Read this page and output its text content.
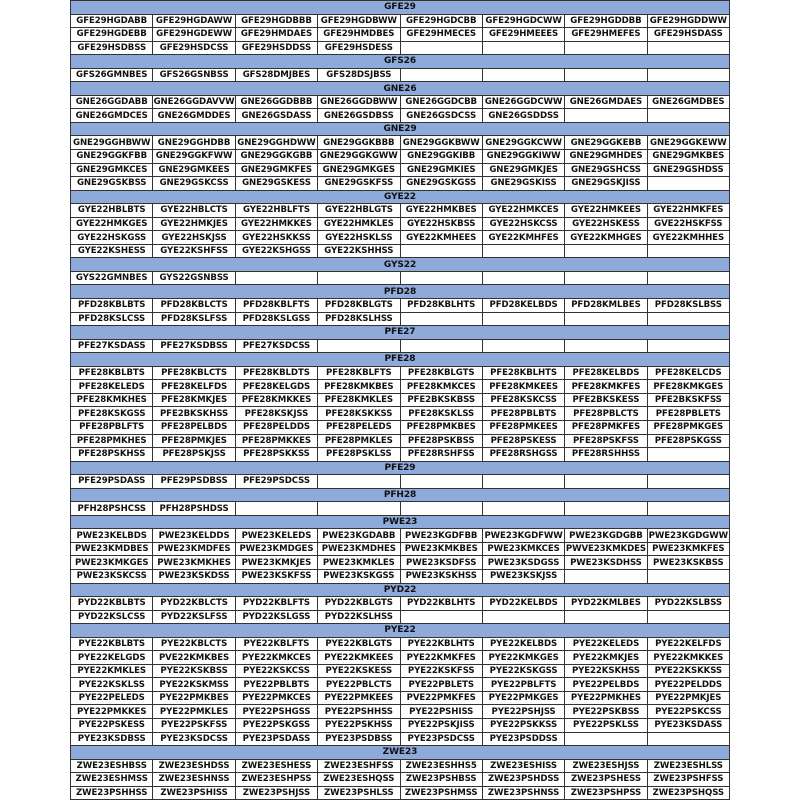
GFE29							
GFE29HGDABB	GFE29HGDAWW	GFE29HGDBBB	GFE29HGDBWW	GFE29HGDCBB	GFE29HGDCWW	GFE29HGDDBB	GFE29HGDDWW
GFE29HGDEBB	GFE29HGDEWW	GFE29HMDAES	GFE29HMDBES	GFE29HMECES	GFE29HMEEES	GFE29HMEFES	GFE29HSDASS
GFE29HSDBSS	GFE29HSDCSS	GFE29HSDDSS	GFE29HSDESS				
GFS26							
GFS26GMNBES	GFS26GSNBSS	GFS28DMJBES	GFS28DSJBSS				
GNE26							
GNE26GGDABB	GNE26GGDAVVW	GNE26GGDBBB	GNE26GGDBWW	GNE26GGDCBB	GNE26GGDCWW	GNE26GMDAES	GNE26GMDBES
GNE26GMDCES	GNE26GMDDES	GNE26GSDASS	GNE26GSDBSS	GNE26GSDCSS	GNE26GSDDSS		
GNE29							
GNE29GGHBWW	GNE29GGHDBB	GNE29GGHDWW	GNE29GGKBBB	GNE29GGKBWW	GNE29GGKCWW	GNE29GGKEBB	GNE29GGKEWW
GNE29GGKFBB	GNE29GGKFWW	GNE29GGKGBB	GNE29GGKGWW	GNE29GGKIBB	GNE29GGKIWW	GNE29GMHDES	GNE29GMKBES
GNE29GMKCES	GNE29GMKEES	GNE29GMKFES	GNE29GMKGES	GNE29GMKIES	GNE29GMKJES	GNE29GSHCSS	GNE29GSHDSS
GNE29GSKBSS	GNE29GSKCSS	GNE29GSKESS	GNE29GSKFSS	GNE29GSKGSS	GNE29GSKISS	GNE29GSKJISS	
GYE22							
GYE22HBLBTS	GYE22HBLCTS	GYE22HBLFTS	GYE22HBLGTS	GYE22HMKBES	GYE22HMKCES	GYE22HMKEES	GYE22HMKFES
GYE22HMKGES	GYE22HMKJES	GYE22HMKKES	GYE22HMKLES	GYE22HSKBSS	GYE22HSKCSS	GYE22HSKESS	GVE22HSKFSS
GYE22HSKGSS	GYE22HSKJSS	GYE22HSKKSS	GYE22HSKLSS	GYE22KMHEES	GYE22KMHFES	GYE22KMHGES	GYE22KMHHES
GYE22KSHESS	GYE22KSHFSS	GYE22KSHGSS	GYE22KSHHSS				
GYS22							
GYS22GMNBES	GYS22GSNBSS						
PFD28							
PFD28KBLBTS	PFD28KBLCTS	PFD28KBLFTS	PFD28KBLGTS	PFD28KBLHTS	PFD28KELBDS	PFD28KMLBES	PFD28KSLBSS
PFD28KSLCSS	PFD28KSLFSS	PFD28KSLGSS	PFD28KSLHSS				
PFE27							
PFE27KSDASS	PFE27KSDBSS	PFE27KSDCSS					
PFE28							
PFE28KBLBTS	PFE28KBLCTS	PFE28KBLDTS	PFE28KBLFTS	PFE28KBLGTS	PFE28KBLHTS	PFE28KELBDS	PFE28KELCDS
PFE28KELEDS	PFE28KELFDS	PFE28KELGDS	PFE28KMKBES	PFE28KMKCES	PFE28KMKEES	PFE28KMKFES	PFE28KMKGES
PFE28KMKHES	PFE28KMKJES	PFE28KMKKES	PFE28KMKLES	PFE2BKSKBSS	PFE28KSKCSS	PFE2BKSKESS	PFE2BKSKFSS
PFE28KSKGSS	PFE2BKSKHSS	PFE28KSKJSS	PFE28KSKKSS	PFE28KSKLSS	PFE28PBLBTS	PFE28PBLCTS	PFE28PBLETS
PFE28PBLFTS	PFE28PELBDS	PFE28PELDDS	PFE28PELEDS	PFE28PMKBES	PFE28PMKEES	PFE28PMKFES	PFE28PMKGES
PFE28PMKHES	PFE28PMKJES	PFE28PMKKES	PFE28PMKLES	PFE28PSKBSS	PFE28PSKESS	PFE28PSKFSS	PFE28PSKGSS
PFE28PSKHSS	PFE28PSKJSS	PFE28PSKKSS	PFE28PSKLSS	PFE28RSHFSS	PFE28RSHGSS	PFE28RSHHSS	
PFE29							
PFE29PSDASS	PFE29PSDBSS	PFE29PSDCSS					
PFH28							
PFH28PSHCSS	PFH28PSHDSS						
PWE23							
PWE23KELBDS	PWE23KELDDS	PWE23KELEDS	PWE23KGDABB	PWE23KGDFBB	PWE23KGDFWW	PWE23KGDGBB	PWE23KGDGWW
PWE23KMDBES	PWE23KMDFES	PWE23KMDGES	PWE23KMDHES	PWE23KMKBES	PWE23KMKCES	PWVE23KMKDES	PWE23KMKFES
PWE23KMKGES	PWE23KMKHES	PWE23KMKJES	PWE23KMKLES	PWE23KSDFSS	PWE23KSDGSS	PWE23KSDHSS	PWE23KSKBSS
PWE23KSKCSS	PWE23KSKDSS	PWE23KSKFSS	PWE23KSKGSS	PWE23KSKHSS	PWE23KSKJSS		
PYD22							
PYD22KBLBTS	PYD22KBLCTS	PYD22KBLFTS	PYD22KBLGTS	PYD22KBLHTS	PYD22KELBDS	PYD22KMLBES	PYD22KSLBSS
PYD22KSLCSS	PYD22KSLFSS	PYD22KSLGSS	PYD22KSLHSS				
PYE22							
PYE22KBLBTS	PYE22KBLCTS	PYE22KBLFTS	PYE22KBLGTS	PYE22KBLHTS	PYE22KELBDS	PYE22KELEDS	PYE22KELFDS
PYE22KELGDS	PVE22KMKBES	PYE22KMKCES	PYE22KMKEES	PYE22KMKFES	PYE22KMKGES	PYE22KMKJES	PYE22KMKKES
PYE22KMKLES	PYE22KSKBSS	PYE22KSKCSS	PYE22KSKESS	PYE22KSKFSS	PYE22KSKGSS	PYE22KSKHSS	PYE22KSKKSS
PYE22KSKLSS	PYE22KSKMSS	PYE22PBLBTS	PYE22PBLCTS	PYE22PBLETS	PYE22PBLFTS	PYE22PELBDS	PYE22PELDDS
PYE22PELEDS	PYE22PMKBES	PYE22PMKCES	PYE22PMKEES	PVE22PMKFES	PYE22PMKGES	PYE22PMKHES	PYE22PMKJES
PYE22PMKKES	PYE22PMKLES	PYE22PSHGSS	PYE22PSHHSS	PYE22PSHISS	PYE22PSHJSS	PYE22PSKBSS	PYE22PSKCSS
PYE22PSKESS	PYE22PSKFSS	PYE22PSKGSS	PYE22PSKHSS	PYE22PSKJISS	PYE22PSKKSS	PYE22PSKLSS	PYE23KSDASS
PYE23KSDBSS	PYE23KSDCSS	PYE23PSDASS	PYE23PSDBSS	PYE23PSDCSS	PYE23PSDDSS		
ZWE23							
ZWE23ESHBSS	ZWE23ESHDSS	ZWE23ESHESS	ZWE23ESHFSS	ZWE23ESHHS5	ZWE23ESHISS	ZWE23ESHJSS	ZWE23ESHLSS
ZWE23ESHMSS	ZWE23ESHNSS	ZWE23ESHPSS	ZWE23ESHQSS	ZWE23PSHBSS	ZWE23PSHDSS	ZWE23PSHESS	ZWE23PSHFSS
ZWE23PSHHSS	ZWE23PSHISS	ZWE23PSHJSS	ZWE23PSHLSS	ZWE23PSHMSS	ZWE23PSHNSS	ZWE23PSHPSS	ZWE23PSHQSS
